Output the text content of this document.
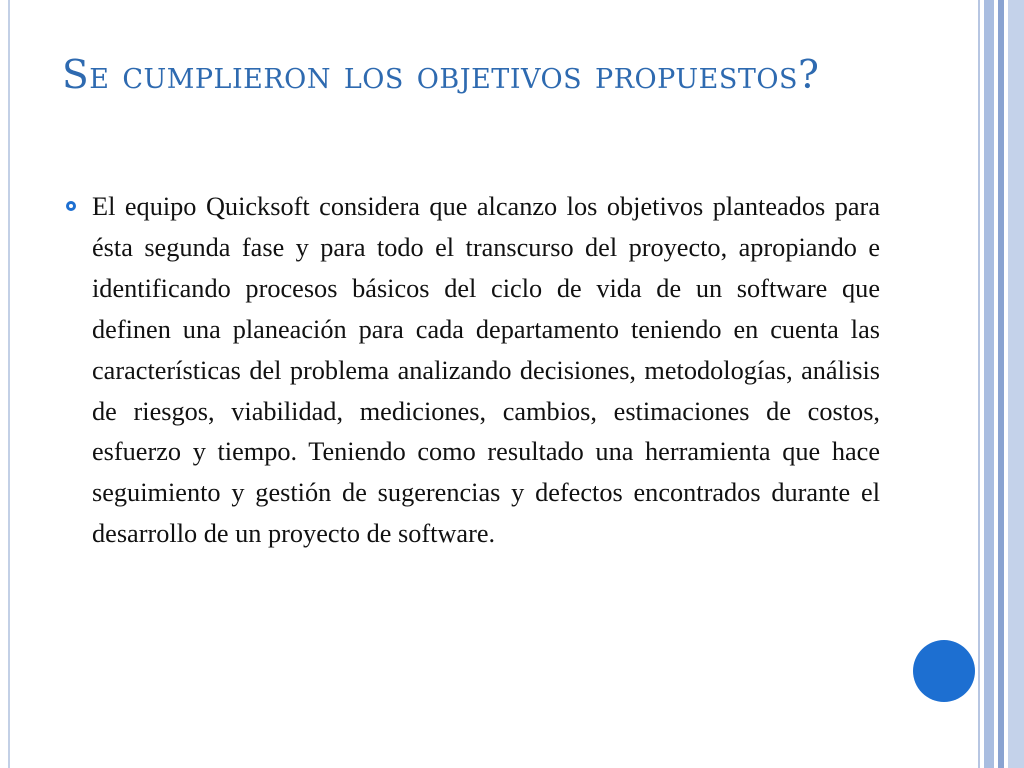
Se cumplieron los objetivos propuestos?

El equipo Quicksoft considera que alcanzo los objetivos planteados para ésta segunda fase y para todo el transcurso del proyecto, apropiando e identificando procesos básicos del ciclo de vida de un software que definen una planeación para cada departamento teniendo en cuenta las características del problema analizando decisiones, metodologías, análisis de riesgos, viabilidad, mediciones, cambios, estimaciones de costos, esfuerzo y tiempo. Teniendo como resultado una herramienta que hace seguimiento y gestión de sugerencias y defectos encontrados durante el desarrollo de un proyecto de software.
